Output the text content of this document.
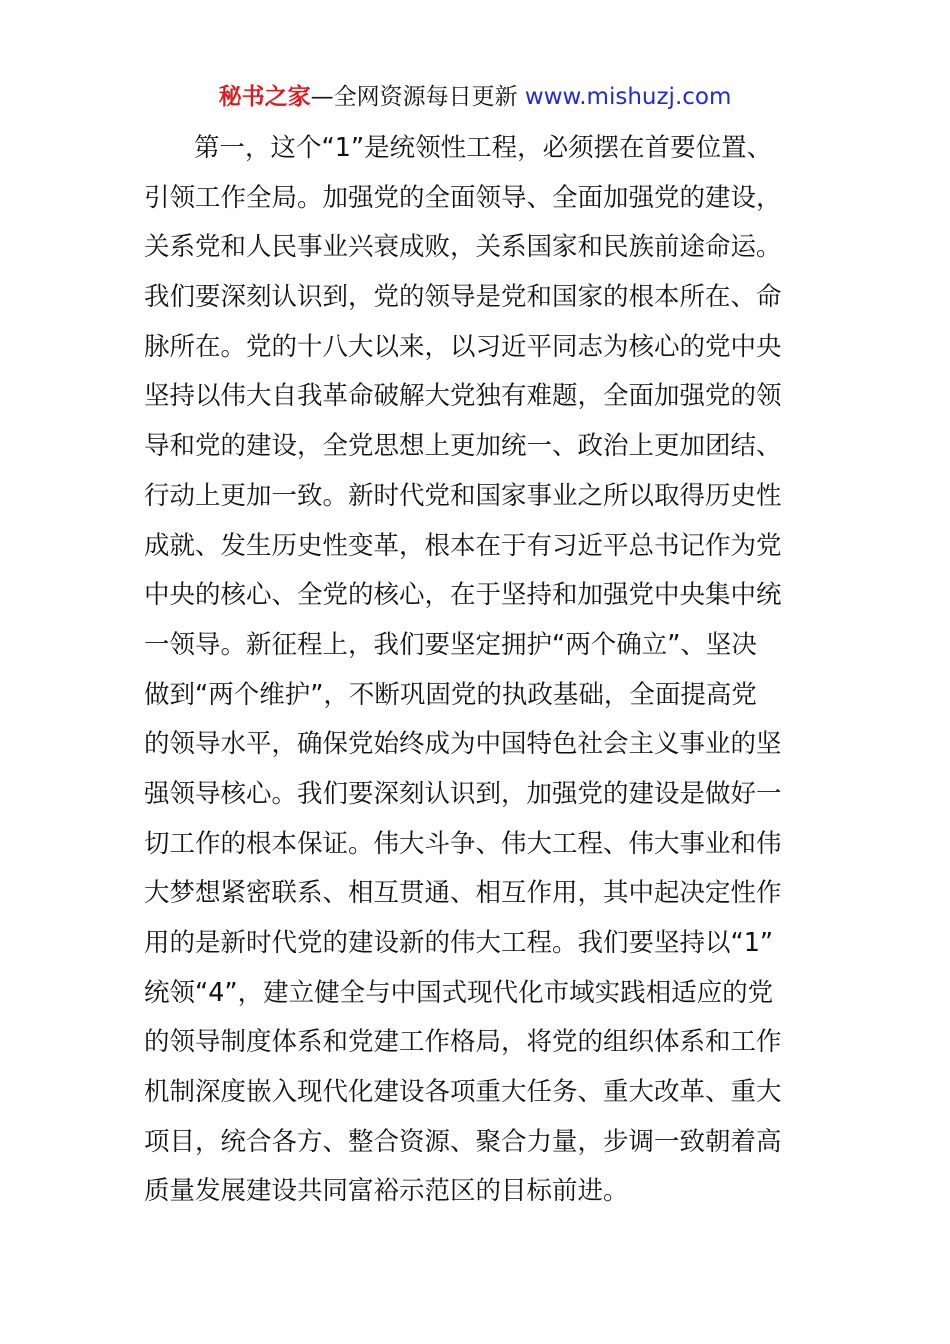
秘书之家—全网资源每日更新 www.mishuzj.com
第一，这个“1”是统领性工程，必须摆在首要位置、
引领工作全局。加强党的全面领导、全面加强党的建设，
关系党和人民事业兴衰成败，关系国家和民族前途命运。
我们要深刻认识到，党的领导是党和国家的根本所在、命
脉所在。党的十八大以来，以习近平同志为核心的党中央
坚持以伟大自我革命破解大党独有难题，全面加强党的领
导和党的建设，全党思想上更加统一、政治上更加团结、
行动上更加一致。新时代党和国家事业之所以取得历史性
成就、发生历史性变革，根本在于有习近平总书记作为党
中央的核心、全党的核心，在于坚持和加强党中央集中统
一领导。新征程上，我们要坚定拥护“两个确立”、坚决
做到“两个维护”，不断巩固党的执政基础，全面提高党
的领导水平，确保党始终成为中国特色社会主义事业的坚
强领导核心。我们要深刻认识到，加强党的建设是做好一
切工作的根本保证。伟大斗争、伟大工程、伟大事业和伟
大梦想紧密联系、相互贯通、相互作用，其中起决定性作
用的是新时代党的建设新的伟大工程。我们要坚持以“1”
统领“4”，建立健全与中国式现代化市域实践相适应的党
的领导制度体系和党建工作格局，将党的组织体系和工作
机制深度嵌入现代化建设各项重大任务、重大改革、重大
项目，统合各方、整合资源、聚合力量，步调一致朝着高
质量发展建设共同富裕示范区的目标前进。
